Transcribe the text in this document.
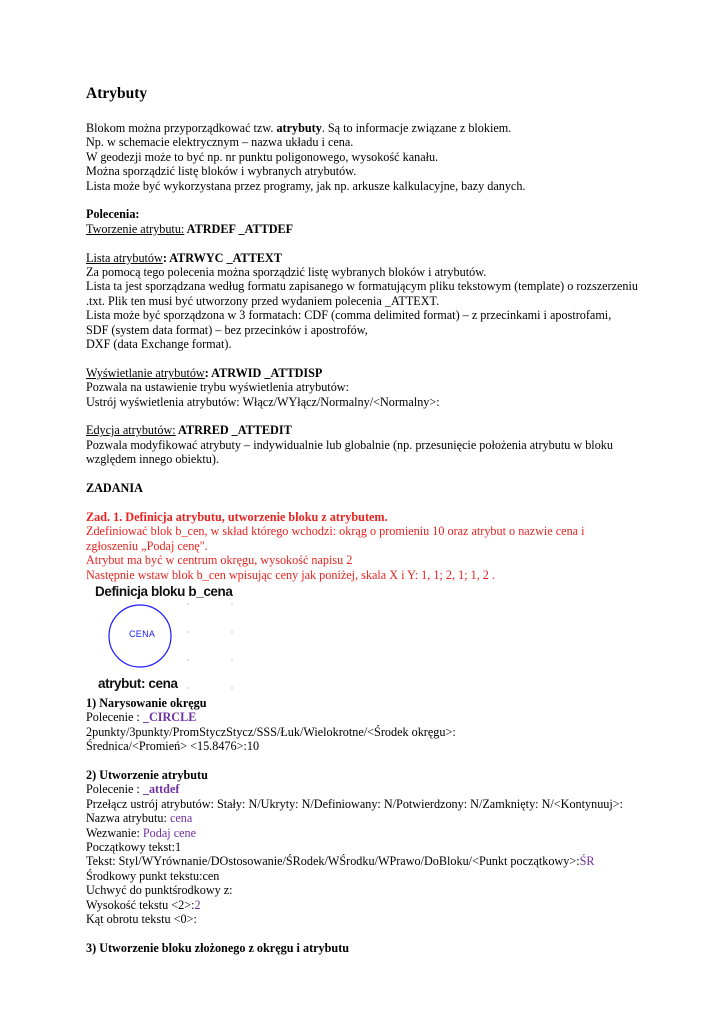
Atrybuty
Blokom można przyporządkować tzw. atrybuty. Są to informacje związane z blokiem.
Np. w schemacie elektrycznym – nazwa układu i cena.
W geodezji może to być np. nr punktu poligonowego, wysokość kanału.
Można sporządzić listę bloków i wybranych atrybutów.
Lista może być wykorzystana przez programy, jak np. arkusze kalkulacyjne, bazy danych.
Polecenia:
Tworzenie atrybutu: ATRDEF _ATTDEF
Lista atrybutów: ATRWYC _ATTEXT
Za pomocą tego polecenia można sporządzić listę wybranych bloków i atrybutów.
Lista ta jest sporządzana według formatu zapisanego w formatującym pliku tekstowym (template) o rozszerzeniu
.txt. Plik ten musi być utworzony przed wydaniem polecenia _ATTEXT.
Lista może być sporządzona w 3 formatach: CDF (comma delimited format) – z przecinkami i apostrofami,
SDF (system data format) – bez przecinków i apostrofów,
DXF (data Exchange format).
Wyświetlanie atrybutów: ATRWID _ATTDISP
Pozwala na ustawienie trybu wyświetlenia atrybutów:
Ustrój wyświetlenia atrybutów: Włącz/WYłącz/Normalny/<Normalny>:
Edycja atrybutów: ATRRED _ATTEDIT
Pozwala modyfikować atrybuty – indywidualnie lub globalnie (np. przesunięcie położenia atrybutu w bloku
względem innego obiektu).
ZADANIA
Zad. 1. Definicja atrybutu, utworzenie bloku z atrybutem.
Zdefiniować blok b_cen, w skład którego wchodzi: okrąg o promieniu 10 oraz atrybut o nazwie cena i
zgłoszeniu „Podaj cenę".
Atrybut ma być w centrum okręgu, wysokość napisu 2
Następnie wstaw blok b_cen wpisując ceny jak poniżej, skala X i Y: 1, 1; 2, 1; 1, 2 .
Definicja bloku b_cena
CENA
atrybut: cena
1) Narysowanie okręgu
Polecenie : _CIRCLE
2punkty/3punkty/PromStyczStycz/SSS/Łuk/Wielokrotne/<Środek okręgu>:
Średnica/<Promień> <15.8476>:10
2) Utworzenie atrybutu
Polecenie : _attdef
Przełącz ustrój atrybutów: Stały: N/Ukryty: N/Definiowany: N/Potwierdzony: N/Zamknięty: N/<Kontynuuj>:
Nazwa atrybutu: cena
Wezwanie: Podaj cene
Początkowy tekst:1
Tekst: Styl/WYrównanie/DOstosowanie/ŚRodek/WŚrodku/WPrawo/DoBloku/<Punkt początkowy>:ŚR
Środkowy punkt tekstu:cen
Uchwyć do punktśrodkowy z:
Wysokość tekstu <2>:2
Kąt obrotu tekstu <0>:
3) Utworzenie bloku złożonego z okręgu i atrybutu
